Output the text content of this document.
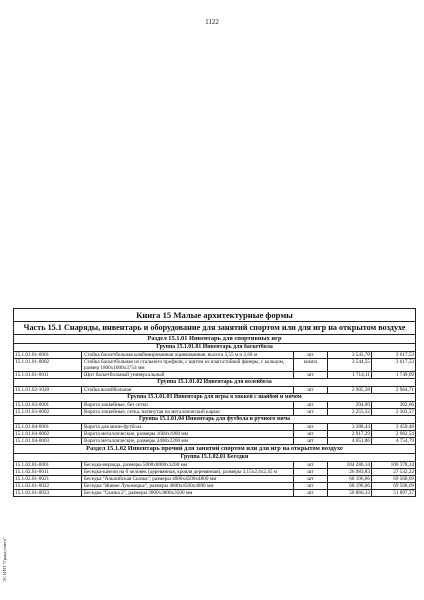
1122
ЭС ИТП "Гранд-смета"
Книга 15 Малые архитектурные формы				
Часть 15.1 Снаряды, инвентарь и оборудование для занятий спортом или для игр на открытом воздухе				
Раздел 15.1.01 Инвентарь для спортивных игр				
Группа 15.1.01.01 Инвентарь для баскетбола				
15.1.01.01-0001	Стойка баскетбольная комбинированная оцинкованная, высота 3,55 м и 2,68 м	шт	3 543,70	3 617,53
15.1.01.01-0002	Стойка баскетбольная из стального профиля, с щитом из влагостойкой фанеры, с кольцом, размер 1800х1000х3754 мм	компл	3 544,55	3 617,53
15.1.01.01-0011	Щит баскетбольный универсальный	шт	1 714,11	1 749,09
Группа 15.1.01.02 Инвентарь для волейбола				
15.1.01.02-1020	Стойка волейбольная	шт	2 905,38	2 964,71
Группа 15.1.01.03 Инвентарь для игры в хоккей с шайбой и мячом				
15.1.01.03-0001	Ворота хоккейные, без сетки	шт	294,00	302,66
15.1.01.03-0002	Ворота хоккейные, сетка, натянутая на металлический каркас	шт	2 255,32	2 303,57
Группа 15.1.01.04 Инвентарь для футбола и ручного мяча				
15.1.01.04-0001	Ворота для мини-футбола	шт	3 388,44	3 459,48
15.1.01.04-0002	Ворота металлические, размеры 1600х1800 мм	шт	2 917,29	2 982,54
15.1.01.04-0003	Ворота металлические, размеры 2400х2200 мм	шт	4 651,86	4 754,79
Раздел 15.1.02 Инвентарь прочий для занятий спортом или для игр на открытом воздухе				
Группа 15.1.02.01 Беседки				
15.1.02.01-0001	Беседка-веранда, размеры 5000х8000х3200 мм	шт	104 286,14	106 378,14
15.1.02.01-0011	Беседка-качели на 6 человек (деревянная, кровля деревянная), размеры 3,15х2,4х2,45 м	шт	26 983,83	27 532,22
15.1.02.01-0021	Беседка "Альпийская Сказка", размеры 4000х4500х4800 мм	шт	68 196,06	69 568,69
15.1.02.01-0022	Беседка "Живое Лукоморье", размеры 4000х4500х4800 мм	шт	68 196,06	69 568,69
15.1.02.01-0023	Беседка "Сказка 2", размеры 3800х3800х3500 мм	шт	50 866,33	51 897,37
